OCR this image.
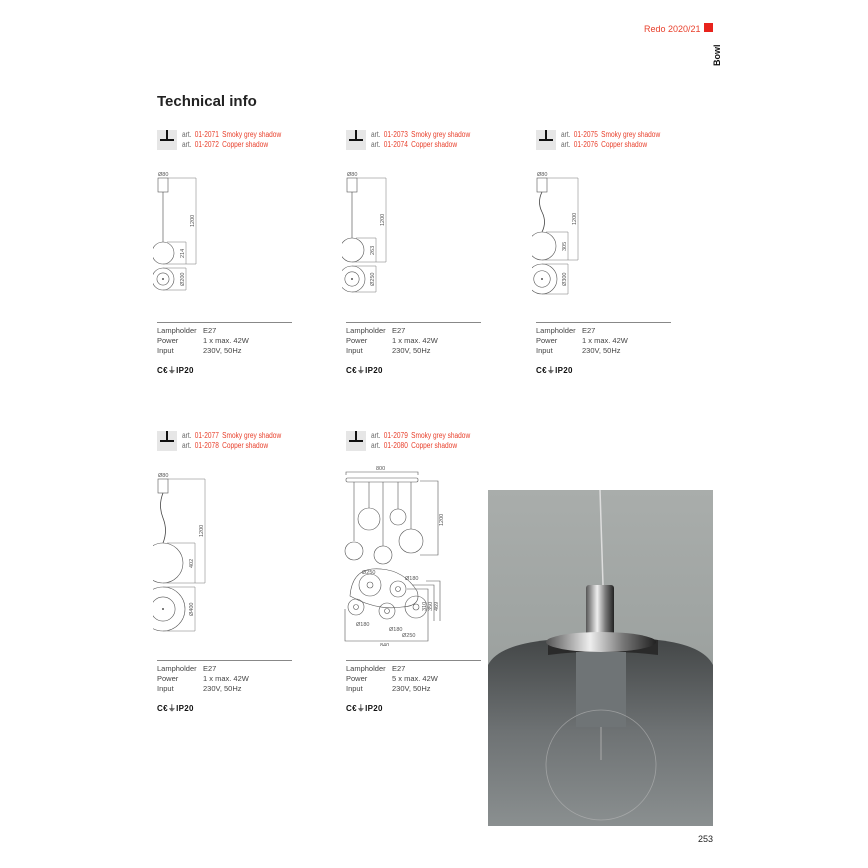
Redo 2020/21
Bowl
Technical info
art. 01-2071 Smoky grey shadow
art. 01-2072 Copper shadow
Ø80
1200
214
Ø200
Lampholder E27
Power	1 x max. 42W
Input	230V, 50Hz
C€⏚IP20
art. 01-2073 Smoky grey shadow
art. 01-2074 Copper shadow
Ø80
1200
263
Ø250
Lampholder E27
Power	1 x max. 42W
Input	230V, 50Hz
C€⏚IP20
art. 01-2075 Smoky grey shadow
art. 01-2076 Copper shadow
Ø80
1200
305
Ø300
Lampholder E27
Power	1 x max. 42W
Input	230V, 50Hz
C€⏚IP20
art. 01-2077 Smoky grey shadow
art. 01-2078 Copper shadow
Ø80
1200
402
Ø400
Lampholder E27
Power	1 x max. 42W
Input	230V, 50Hz
C€⏚IP20
art. 01-2079 Smoky grey shadow
art. 01-2080 Copper shadow
800
1200
Ø250
Ø180
310 350 469
Ø180
Ø180
Ø250
840
Lampholder E27
Power	5 x max. 42W
Input	230V, 50Hz
C€⏚IP20
253
